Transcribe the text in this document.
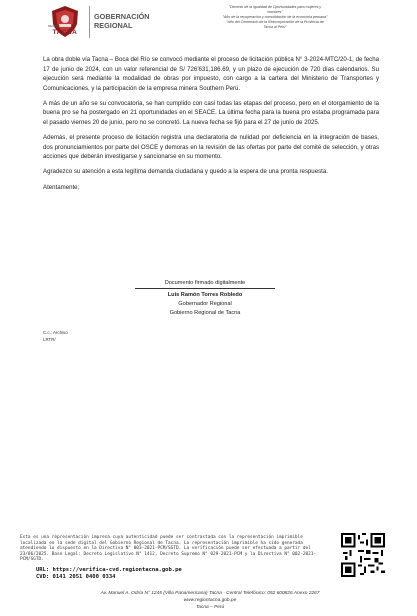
REGIÓN
TACNA
GOBERNACIÓN
REGIONAL
"Decenio de la Igualdad de Oportunidades para mujeres y
hombres"
"Año de la recuperación y consolidación de la economía peruana"
"Año del Centenario de la Reincorporación de la Provincia de
Tacna al Perú"

La obra doble vía Tacna – Boca del Río se convocó mediante el proceso de licitación pública N° 3-2024-MTC/20-1, de fecha 17 de junio de 2024, con un valor referencial de S/ 726'631,186.69, y un plazo de ejecución de 720 días calendarios. Su ejecución será mediante la modalidad de obras por impuesto, con cargo a la cartera del Ministerio de Transportes y Comunicaciones, y la participación de la empresa minera Southern Perú.

A más de un año se su convocatoria, se han cumplido con casi todas las etapas del proceso, pero en el otorgamiento de la buena pro se ha postergado en 21 oportunidades en el SEACE. La última fecha para la buena pro estaba programada para el pasado viernes 20 de junio, pero no se concretó. La nueva fecha se fijó para el 27 de junio de 2025.

Además, el presente proceso de licitación registra una declaratoria de nulidad por deficiencia en la integración de bases, dos pronunciamientos por parte del OSCE y demoras en la revisión de las ofertas por parte del comité de selección, y otras acciones que deberán investigarse y sancionarse en su momento.

Agradezco su atención a esta legítima demanda ciudadana y quedo a la espera de una pronta respuesta.

Atentamente;

Documento firmado digitalmente
Luis Ramón Torres Robledo
Gobernador Regional
Gobierno Regional de Tacna
C.c.: Archivo
LRTR/
Esta es una representación impresa cuya autenticidad puede ser contrastada con la representación imprimible localizada en la sede digital del Gobierno Regional de Tacna. La representación imprimible ha sido generada atendiendo lo dispuesto en la Directiva N° 003-2021-PCM/SGTD. La verificación puede ser efectuada a partir del 23/06/2025. Base Legal: Decreto Legislativo N° 1412, Decreto Supremo N° 029-2021-PCM y la Directiva N° 002-2021-PCM/SGTD.
URL: https://verifica-cvd.regiontacna.gob.pe
CVD: 0141 2051 0400 0334
Av. Manuel A. Odría N° 1245 (Villa Panamericana) Tacna - Central Telefónico: 052 600826 Anexo 2267
www.regiontacna.gob.pe
Tacna – Perú
